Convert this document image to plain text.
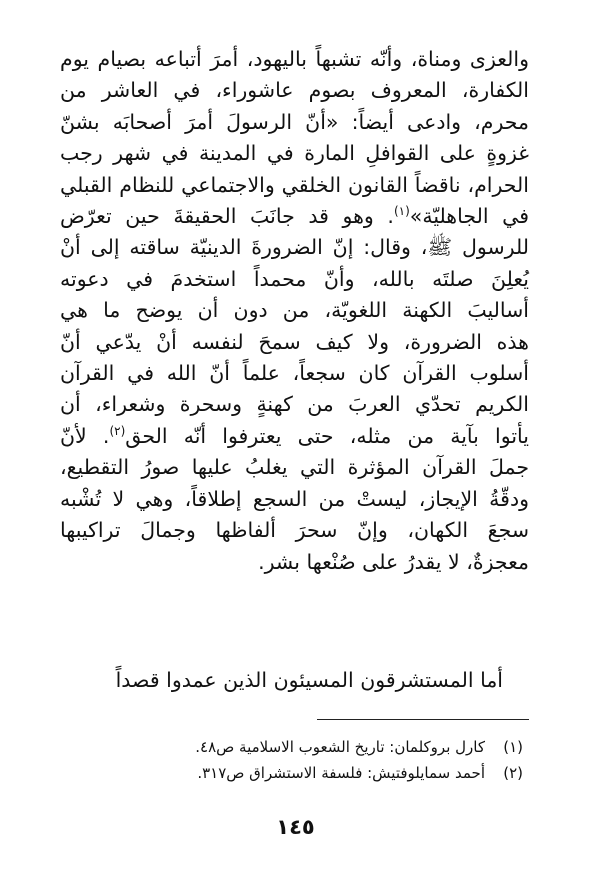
والعزى ومناة، وأنّه تشبهاً باليهود، أمرَ أتباعه بصيام يوم
الكفارة، المعروف بصوم عاشوراء، في العاشر من
محرم، وادعى أيضاً: «أنّ الرسولَ أمرَ أصحابَه بشنّ
غزوةٍ على القوافلِ المارة في المدينة في شهر رجب
الحرام، ناقضاً القانون الخلقي والاجتماعي للنظام القبلي
في الجاهليّة»$^{(١)}$. وهو قد جانَبَ الحقيقةَ حين تعرّض
للرسول ﷺ، وقال: إنّ الضرورةَ الدينيّة ساقته إلى أنْ
يُعلِنَ صلتَه بالله، وأنّ محمداً استخدمَ في دعوته
أساليبَ الكهنة اللغويّة، من دون أن يوضح ما هي
هذه الضرورة، ولا كيف سمحَ لنفسه أنْ يدّعي أنّ
أسلوب القرآن كان سجعاً، علماً أنّ الله في القرآن
الكريم تحدّي العربَ من كهنةٍ وسحرة وشعراء، أن
يأتوا بآية من مثله، حتى يعترفوا أنّه الحق$^{(٢)}$. لأنّ
جملَ القرآن المؤثرة التي يغلبُ عليها صورُ التقطيع،
ودقّةُ الإيجاز، ليستْ من السجع إطلاقاً، وهي لا تُشْبه
سجعَ الكهان، وإنّ سحرَ ألفاظها وجمالَ تراكيبها
معجزةٌ، لا يقدرُ على صُنْعها بشر.

أما المستشرقون المسيئون الذين عمدوا قصداً

(١)كارل بروكلمان: تاريخ الشعوب الاسلامية ص٤٨.
(٢)أحمد سمايلوفتيش: فلسفة الاستشراق ص٣١٧.
١٤٥
